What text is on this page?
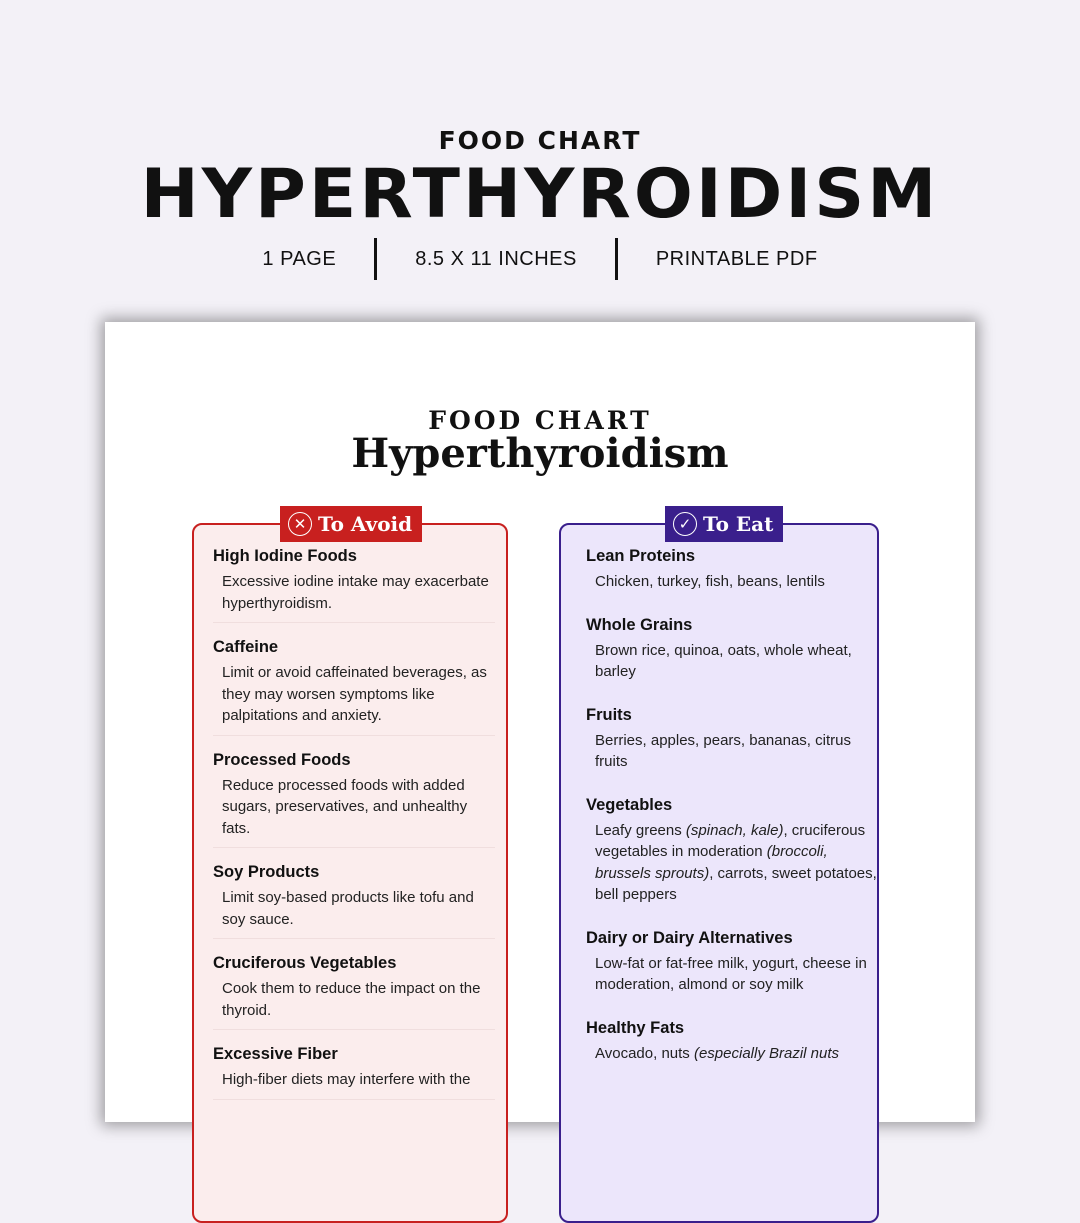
FOOD CHART
HYPERTHYROIDISM
1 PAGE	8.5 X 11 INCHES	PRINTABLE PDF
FOOD CHART
Hyperthyroidism
✕ To Avoid
High Iodine Foods
Excessive iodine intake may exacerbate hyperthyroidism.
Caffeine
Limit or avoid caffeinated beverages, as they may worsen symptoms like palpitations and anxiety.
Processed Foods
Reduce processed foods with added sugars, preservatives, and unhealthy fats.
Soy Products
Limit soy-based products like tofu and soy sauce.
Cruciferous Vegetables
Cook them to reduce the impact on the thyroid.
Excessive Fiber
High-fiber diets may interfere with the
✓ To Eat
Lean Proteins
Chicken, turkey, fish, beans, lentils
Whole Grains
Brown rice, quinoa, oats, whole wheat, barley
Fruits
Berries, apples, pears, bananas, citrus fruits
Vegetables
Leafy greens (spinach, kale), cruciferous vegetables in moderation (broccoli, brussels sprouts), carrots, sweet potatoes, bell peppers
Dairy or Dairy Alternatives
Low-fat or fat-free milk, yogurt, cheese in moderation, almond or soy milk
Healthy Fats
Avocado, nuts (especially Brazil nuts
